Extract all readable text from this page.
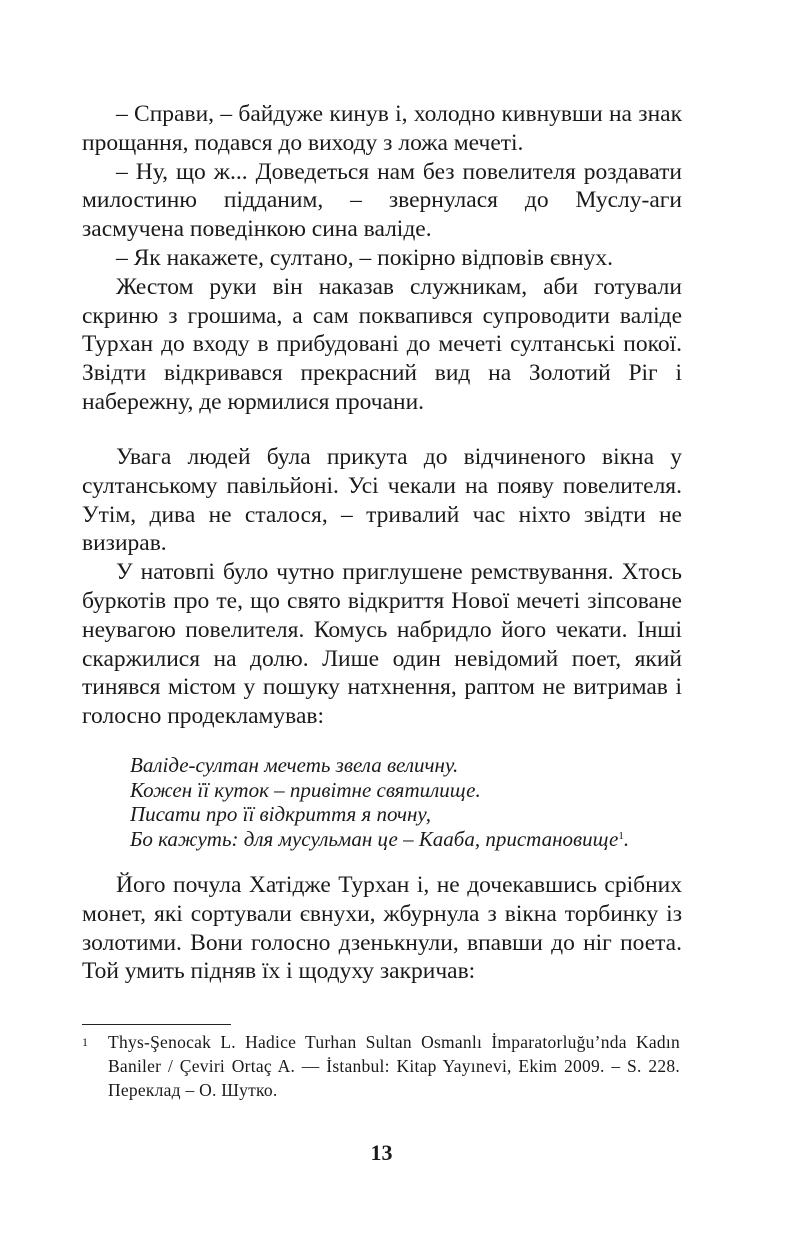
– Справи, – байдуже кинув і, холодно кивнувши на знак прощання, подався до виходу з ложа мечеті.

– Ну, що ж... Доведеться нам без повелителя роздавати милостиню підданим, – звернулася до Муслу-аги засмучена поведінкою сина валіде.

– Як накажете, султано, – покірно відповів євнух.

Жестом руки він наказав служникам, аби готували скриню з грошима, а сам поквапився супроводити валіде Турхан до входу в прибудовані до мечеті султанські покої. Звідти відкривався прекрасний вид на Золотий Ріг і набережну, де юрмилися прочани.

Увага людей була прикута до відчиненого вікна у султанському павільйоні. Усі чекали на появу повелителя. Утім, дива не сталося, – тривалий час ніхто звідти не визирав.

У натовпі було чутно приглушене ремствування. Хтось буркотів про те, що свято відкриття Нової мечеті зіпсоване неувагою повелителя. Комусь набридло його чекати. Інші скаржилися на долю. Лише один невідомий поет, який тинявся містом у пошуку натхнення, раптом не витримав і голосно продекламував:

Валіде-султан мечеть звела величну.

Кожен її куток – привітне святилище.

Писати про її відкриття я почну,

Бо кажуть: для мусульман це – Кааба, пристановище$^1$.

Його почула Хатідже Турхан і, не дочекавшись срібних монет, які сортували євнухи, жбурнула з вікна торбинку із золотими. Вони голосно дзенькнули, впавши до ніг поета. Той умить підняв їх і щодуху закричав:

1	Thys-Şenocak L. Hadice Turhan Sultan Osmanlı İmparatorluğu’nda Kadın Baniler / Çeviri Ortaç A. — İstanbul: Kitap Yayınevi, Ekim 2009. – S. 228. Переклад – О. Шутко.
13
